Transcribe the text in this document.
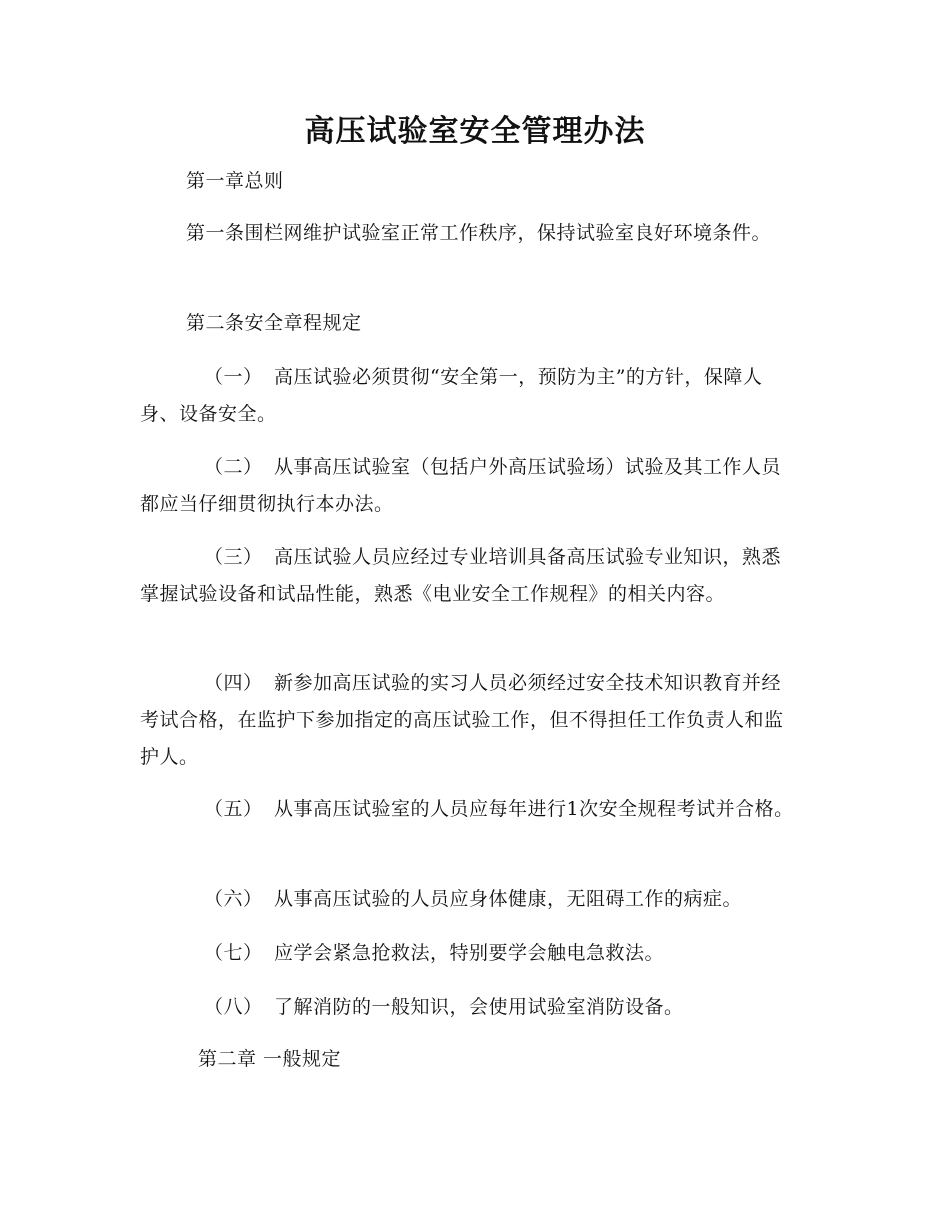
高压试验室安全管理办法

第一章总则

第一条围栏网维护试验室正常工作秩序，保持试验室良好环境条件。

第二条安全章程规定

（一） 高压试验必须贯彻“安全第一，预防为主”的方针，保障人身、设备安全。

（二） 从事高压试验室（包括户外高压试验场）试验及其工作人员都应当仔细贯彻执行本办法。

（三） 高压试验人员应经过专业培训具备高压试验专业知识，熟悉掌握试验设备和试品性能，熟悉《电业安全工作规程》的相关内容。

（四） 新参加高压试验的实习人员必须经过安全技术知识教育并经考试合格，在监护下参加指定的高压试验工作，但不得担任工作负责人和监护人。

（五） 从事高压试验室的人员应每年进行1次安全规程考试并合格。

（六） 从事高压试验的人员应身体健康，无阻碍工作的病症。

（七） 应学会紧急抢救法，特别要学会触电急救法。

（八） 了解消防的一般知识，会使用试验室消防设备。

第二章 一般规定
